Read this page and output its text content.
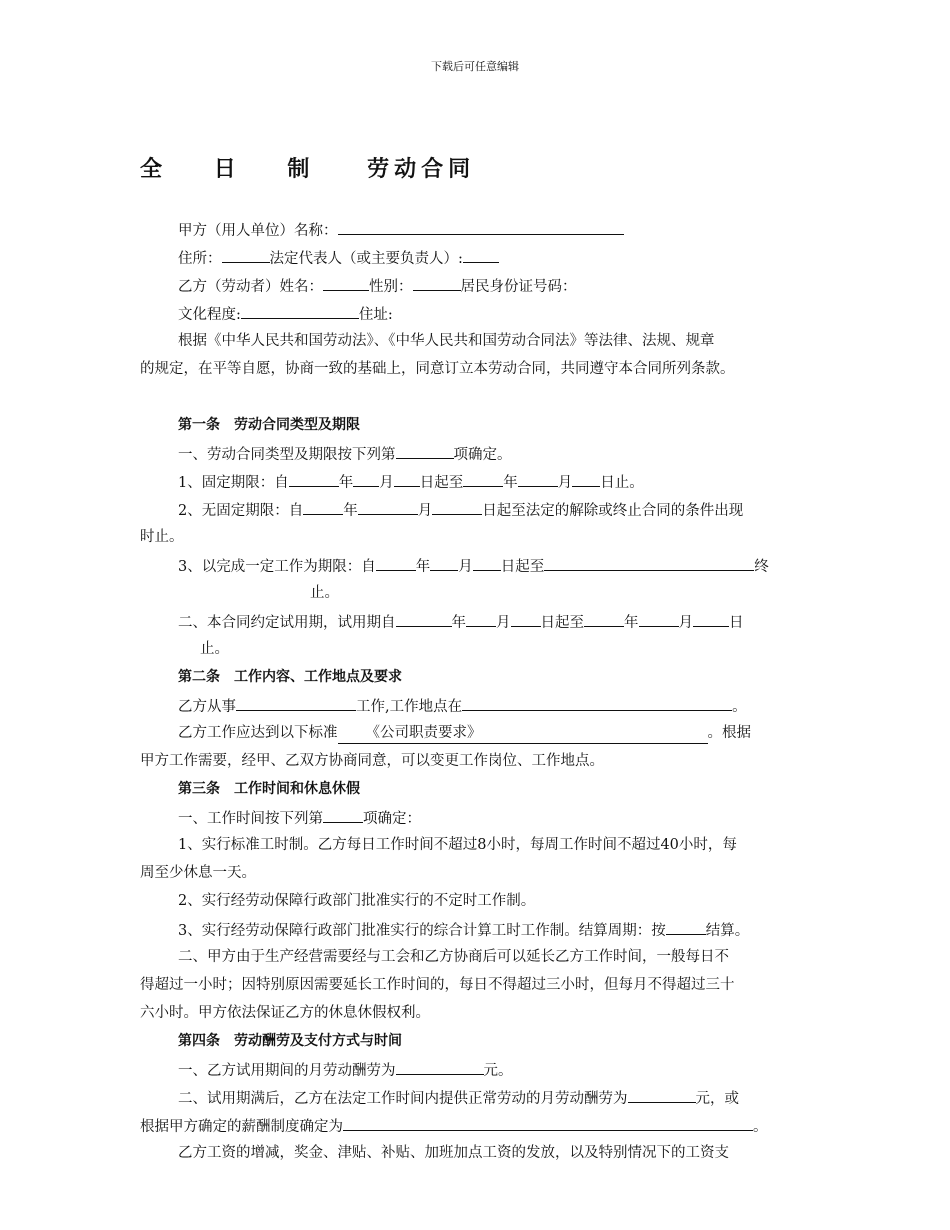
下载后可任意编辑
全 日 制 劳动合同
甲方（用人单位）名称：
住所：	法定代表人（或主要负责人）:
乙方（劳动者）姓名：	性别：	居民身份证号码：
文化程度:	住址:
根据《中华人民共和国劳动法》、《中华人民共和国劳动合同法》等法律、法规、规章
的规定，在平等自愿，协商一致的基础上，同意订立本劳动合同，共同遵守本合同所列条款。
第一条　劳动合同类型及期限
一、劳动合同类型及期限按下列第	项确定。
1、固定期限：自	年 月 日起至	年	月 日止。
2、无固定期限：自	年	月	日起至法定的解除或终止合同的条件出现
时止。
3、以完成一定工作为期限：自	年 月 日起至	终
止。
二、本合同约定试用期，试用期自	年 月 日起至	年	月 日
止。
第二条　工作内容、工作地点及要求
乙方从事	工作,工作地点在	。
乙方工作应达到以下标准 《公司职责要求》	。根据
甲方工作需要，经甲、乙双方协商同意，可以变更工作岗位、工作地点。
第三条　工作时间和休息休假
一、工作时间按下列第	项确定：
1、实行标准工时制。乙方每日工作时间不超过8小时，每周工作时间不超过40小时，每
周至少休息一天。
2、实行经劳动保障行政部门批准实行的不定时工作制。
3、实行经劳动保障行政部门批准实行的综合计算工时工作制。结算周期：按	结算。
二、甲方由于生产经营需要经与工会和乙方协商后可以延长乙方工作时间，一般每日不
得超过一小时；因特别原因需要延长工作时间的，每日不得超过三小时，但每月不得超过三十
六小时。甲方依法保证乙方的休息休假权利。
第四条　劳动酬劳及支付方式与时间
一、乙方试用期间的月劳动酬劳为	元。
二、试用期满后，乙方在法定工作时间内提供正常劳动的月劳动酬劳为	元，或
根据甲方确定的薪酬制度确定为	。
乙方工资的增减，奖金、津贴、补贴、加班加点工资的发放，以及特别情况下的工资支
